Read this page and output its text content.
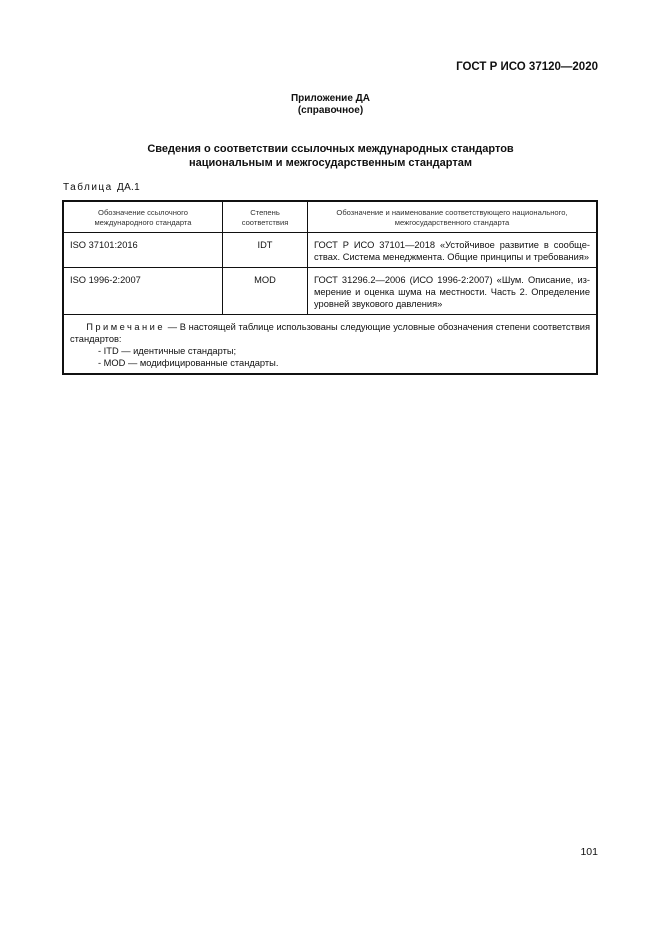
ГОСТ Р ИСО 37120—2020
Приложение ДА
(справочное)
Сведения о соответствии ссылочных международных стандартов
национальным и межгосударственным стандартам
Таблица ДА.1
Обозначение ссылочного международного стандарта	Степень соответствия	Обозначение и наименование соответствующего национального, межгосударственного стандарта
ISO 37101:2016	IDT	ГОСТ Р ИСО 37101—2018 «Устойчивое развитие в сообще-ствах. Система менеджмента. Общие принципы и требования»
ISO 1996-2:2007	MOD	ГОСТ 31296.2—2006 (ИСО 1996-2:2007) «Шум. Описание, из-мерение и оценка шума на местности. Часть 2. Определение уровней звукового давления»

Примечание — В настоящей таблице использованы следующие условные обозначения степени соответствия стандартов:
- ITD — идентичные стандарты;
- MOD — модифицированные стандарты.		
101
